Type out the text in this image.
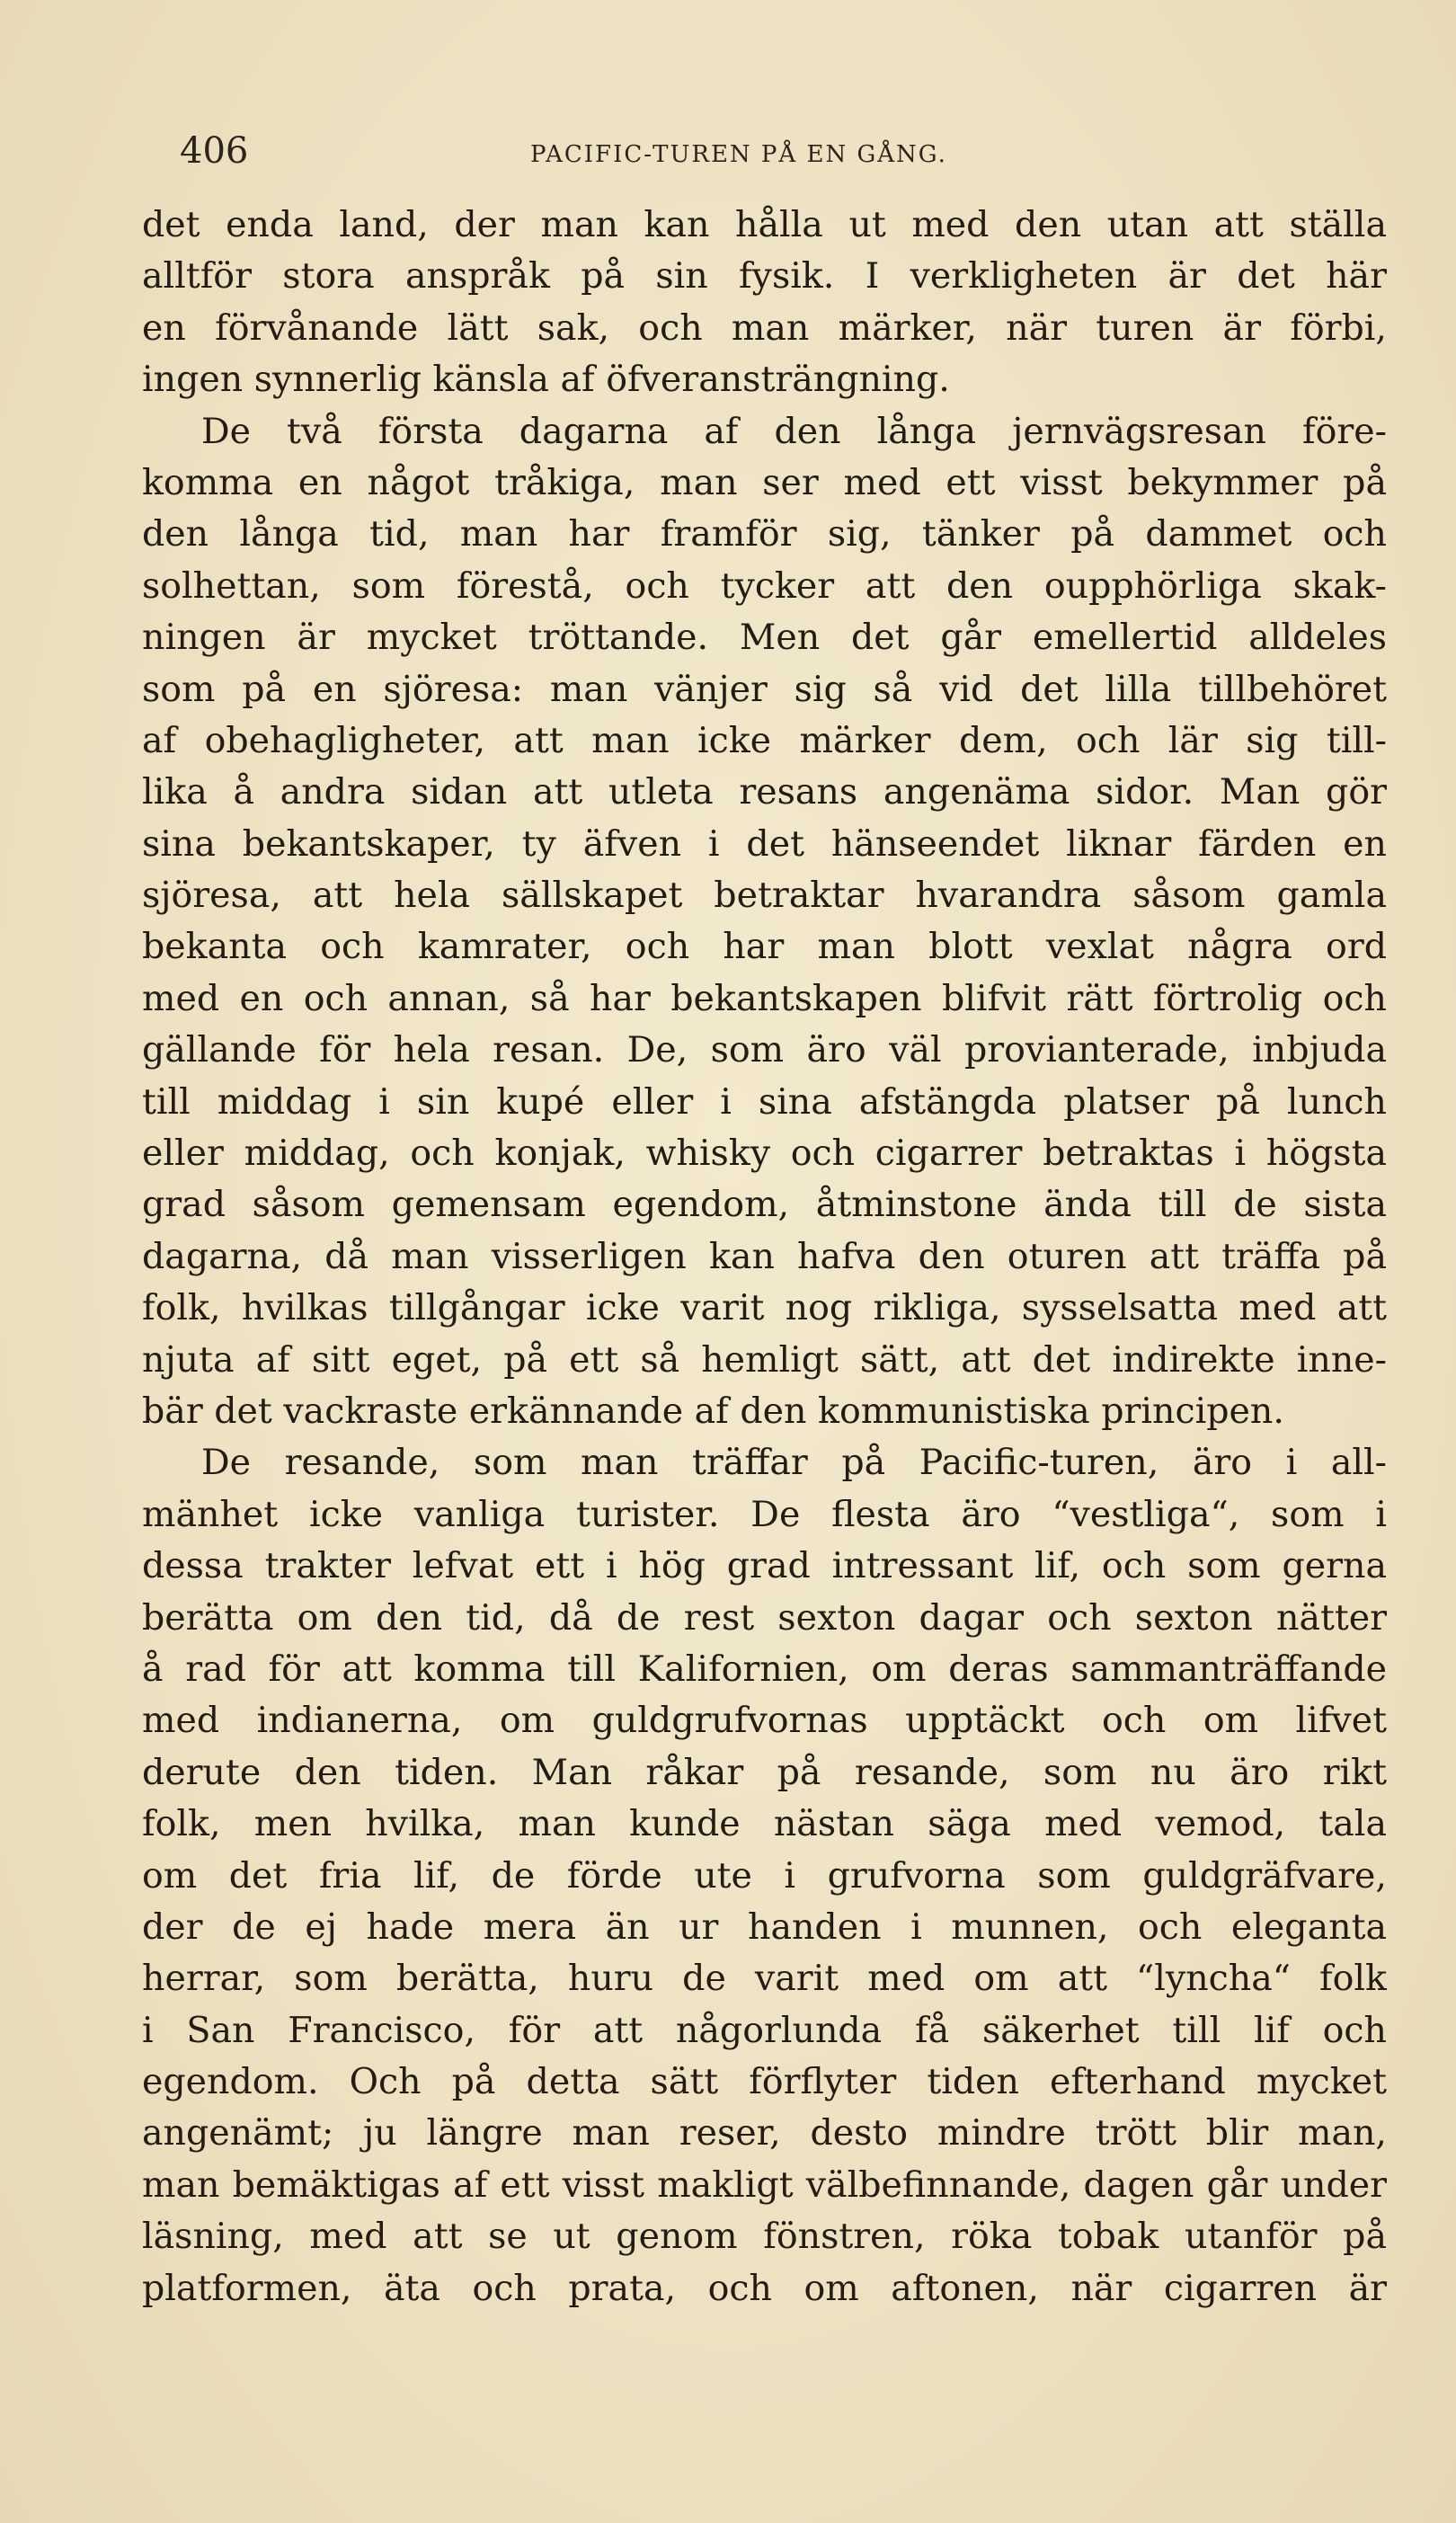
406	PACIFIC-TUREN PÅ EN GÅNG.
det enda land, der man kan hålla ut med den utan att ställa
alltför stora anspråk på sin fysik. I verkligheten är det här
en förvånande lätt sak, och man märker, när turen är förbi,
ingen synnerlig känsla af öfveransträngning.
De två första dagarna af den långa jernvägsresan före-
komma en något tråkiga, man ser med ett visst bekymmer på
den långa tid, man har framför sig, tänker på dammet och
solhettan, som förestå, och tycker att den oupphörliga skak-
ningen är mycket tröttande. Men det går emellertid alldeles
som på en sjöresa: man vänjer sig så vid det lilla tillbehöret
af obehagligheter, att man icke märker dem, och lär sig till-
lika å andra sidan att utleta resans angenäma sidor. Man gör
sina bekantskaper, ty äfven i det hänseendet liknar färden en
sjöresa, att hela sällskapet betraktar hvarandra såsom gamla
bekanta och kamrater, och har man blott vexlat några ord
med en och annan, så har bekantskapen blifvit rätt förtrolig och
gällande för hela resan. De, som äro väl provianterade, inbjuda
till middag i sin kupé eller i sina afstängda platser på lunch
eller middag, och konjak, whisky och cigarrer betraktas i högsta
grad såsom gemensam egendom, åtminstone ända till de sista
dagarna, då man visserligen kan hafva den oturen att träffa på
folk, hvilkas tillgångar icke varit nog rikliga, sysselsatta med att
njuta af sitt eget, på ett så hemligt sätt, att det indirekte inne-
bär det vackraste erkännande af den kommunistiska principen.
De resande, som man träffar på Pacific-turen, äro i all-
mänhet icke vanliga turister. De flesta äro “vestliga“, som i
dessa trakter lefvat ett i hög grad intressant lif, och som gerna
berätta om den tid, då de rest sexton dagar och sexton nätter
å rad för att komma till Kalifornien, om deras sammanträffande
med indianerna, om guldgrufvornas upptäckt och om lifvet
derute den tiden. Man råkar på resande, som nu äro rikt
folk, men hvilka, man kunde nästan säga med vemod, tala
om det fria lif, de förde ute i grufvorna som guldgräfvare,
der de ej hade mera än ur handen i munnen, och eleganta
herrar, som berätta, huru de varit med om att “lyncha“ folk
i San Francisco, för att någorlunda få säkerhet till lif och
egendom. Och på detta sätt förflyter tiden efterhand mycket
angenämt; ju längre man reser, desto mindre trött blir man,
man bemäktigas af ett visst makligt välbefinnande, dagen går under
läsning, med att se ut genom fönstren, röka tobak utanför på
platformen, äta och prata, och om aftonen, när cigarren är
